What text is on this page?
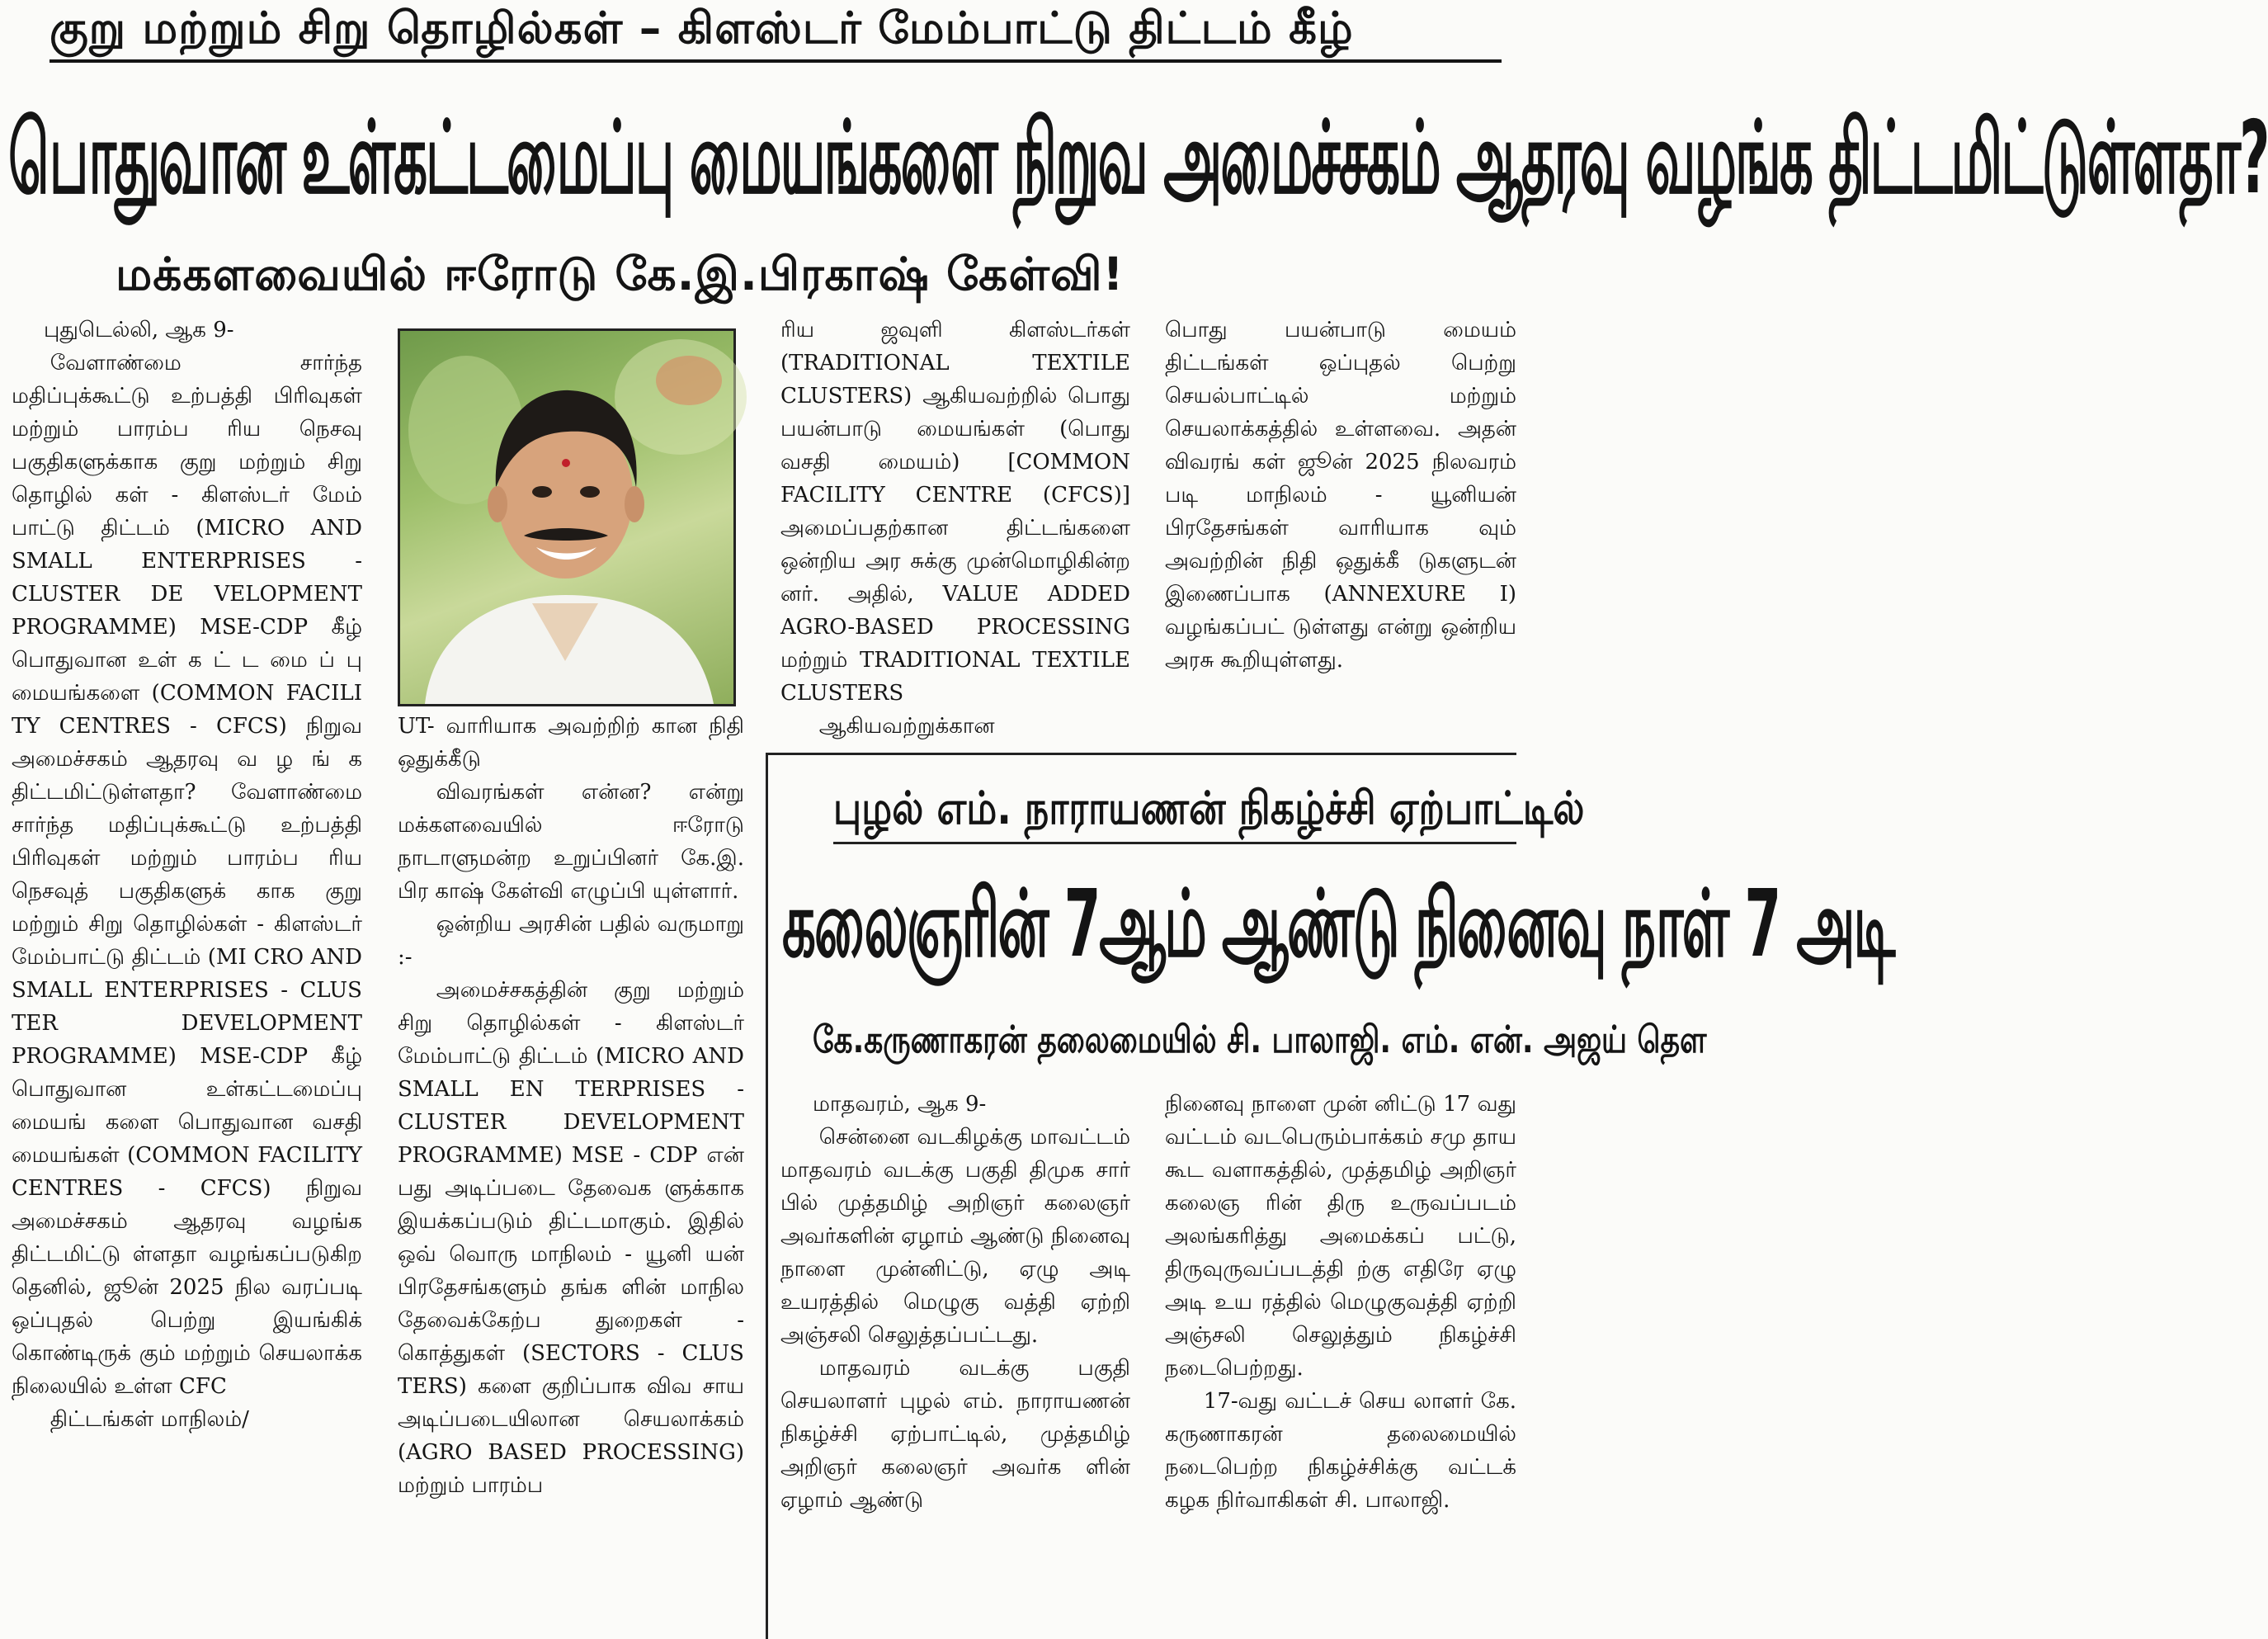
குறு மற்றும் சிறு தொழில்கள் – கிளஸ்டர் மேம்பாட்டு திட்டம் கீழ்
பொதுவான உள்கட்டமைப்பு மையங்களை நிறுவ அமைச்சகம் ஆதரவு வழங்க திட்டமிட்டுள்ளதா?
மக்களவையில் ஈரோடு கே.இ.பிரகாஷ் கேள்வி!

புதுடெல்லி, ஆக 9-

வேளாண்மை சார்ந்த மதிப்புக்கூட்டு உற்பத்தி பிரிவுகள் மற்றும் பாரம்ப ரிய நெசவு பகுதிகளுக்காக குறு மற்றும் சிறு தொழில் கள் - கிளஸ்டர் மேம் பாட்டு திட்டம் (MICRO AND SMALL ENTERPRISES - CLUSTER DE VELOPMENT PROGRAMME) MSE-CDP கீழ் பொதுவான உள் க ட் ட மை ப் பு மையங்களை (COMMON FACILI TY CENTRES - CFCS) நிறுவ அமைச்சகம் ஆதரவு வ ழ ங் க திட்டமிட்டுள்ளதா? வேளாண்மை சார்ந்த மதிப்புக்கூட்டு உற்பத்தி பிரிவுகள் மற்றும் பாரம்ப ரிய நெசவுத் பகுதிகளுக் காக குறு மற்றும் சிறு தொழில்கள் - கிளஸ்டர் மேம்பாட்டு திட்டம் (MI CRO AND SMALL ENTERPRISES - CLUS TER DEVELOPMENT PROGRAMME) MSE-CDP கீழ் பொதுவான உள்கட்டமைப்பு மையங் களை பொதுவான வசதி மையங்கள் (COMMON FACILITY CENTRES - CFCS) நிறுவ அமைச்சகம் ஆதரவு வழங்க திட்டமிட்டு ள்ளதா வழங்கப்படுகிற தெனில், ஜூன் 2025 நில வரப்படி ஒப்புதல் பெற்று இயங்கிக் கொண்டிருக் கும் மற்றும் செயலாக்க நிலையில் உள்ள CFC

திட்டங்கள் மாநிலம்/

UT- வாரியாக அவற்றிற் கான நிதி ஒதுக்கீடு

விவரங்கள் என்ன? என்று மக்களவையில் ஈரோடு நாடாளுமன்ற உறுப்பினர் கே.இ. பிர காஷ் கேள்வி எழுப்பி யுள்ளார்.

ஒன்றிய அரசின் பதில் வருமாறு :-

அமைச்சகத்தின் குறு மற்றும் சிறு தொழில்கள் - கிளஸ்டர் மேம்பாட்டு திட்டம் (MICRO AND SMALL EN TERPRISES - CLUSTER DEVELOPMENT PROGRAMME) MSE - CDP என் பது அடிப்படை தேவைக ளுக்காக இயக்கப்படும் திட்டமாகும். இதில் ஒவ் வொரு மாநிலம் - யூனி யன் பிரதேசங்களும் தங்க ளின் மாநில தேவைக்கேற்ப துறைகள் - கொத்துகள் (SECTORS - CLUS TERS) களை குறிப்பாக விவ சாய அடிப்படையிலான செயலாக்கம் (AGRO BASED PROCESSING) மற்றும் பாரம்ப

ரிய ஜவுளி கிளஸ்டர்கள் (TRADITIONAL TEXTILE CLUSTERS) ஆகியவற்றில் பொது பயன்பாடு மையங்கள் (பொது வசதி மையம்) [COMMON FACILITY CENTRE (CFCS)] அமைப்பதற்கான திட்டங்களை ஒன்றிய அர சுக்கு முன்மொழிகின்ற னர். அதில், VALUE ADDED AGRO-BASED PROCESSING மற்றும் TRADITIONAL TEXTILE CLUSTERS

ஆகியவற்றுக்கான

பொது பயன்பாடு மையம் திட்டங்கள் ஒப்புதல் பெற்று செயல்பாட்டில் மற்றும் செயலாக்கத்தில் உள்ளவை. அதன் விவரங் கள் ஜூன் 2025 நிலவரம் படி மாநிலம் - யூனியன் பிரதேசங்கள் வாரியாக வும் அவற்றின் நிதி ஒதுக்கீ டுகளுடன் இணைப்பாக (ANNEXURE I) வழங்கப்பட் டுள்ளது என்று ஒன்றிய அரசு கூறியுள்ளது.

புழல் எம். நாராயணன் நிகழ்ச்சி ஏற்பாட்டில்
கலைஞரின் 7ஆம் ஆண்டு நினைவு நாள் 7 அடி
கே.கருணாகரன் தலைமையில் சி. பாலாஜி. எம். என். அஜய் தெள

மாதவரம், ஆக 9-

சென்னை வடகிழக்கு மாவட்டம் மாதவரம் வடக்கு பகுதி திமுக சார் பில் முத்தமிழ் அறிஞர் கலைஞர் அவர்களின் ஏழாம் ஆண்டு நினைவு நாளை முன்னிட்டு, ஏழு அடி உயரத்தில் மெழுகு வத்தி ஏற்றி அஞ்சலி செலுத்தப்பட்டது.

மாதவரம் வடக்கு பகுதி செயலாளர் புழல் எம். நாராயணன் நிகழ்ச்சி ஏற்பாட்டில், முத்தமிழ் அறிஞர் கலைஞர் அவர்க ளின் ஏழாம் ஆண்டு

நினைவு நாளை முன் னிட்டு 17 வது வட்டம் வடபெரும்பாக்கம் சமு தாய கூட வளாகத்தில், முத்தமிழ் அறிஞர் கலைஞ ரின் திரு உருவப்படம் அலங்கரித்து அமைக்கப் பட்டு, திருவுருவப்படத்தி ற்கு எதிரே ஏழு அடி உய ரத்தில் மெழுகுவத்தி ஏற்றி அஞ்சலி செலுத்தும் நிகழ்ச்சி நடைபெற்றது.

17-வது வட்டச் செய லாளர் கே. கருணாகரன் தலைமையில் நடைபெற்ற நிகழ்ச்சிக்கு வட்டக் கழக நிர்வாகிகள் சி. பாலாஜி.
